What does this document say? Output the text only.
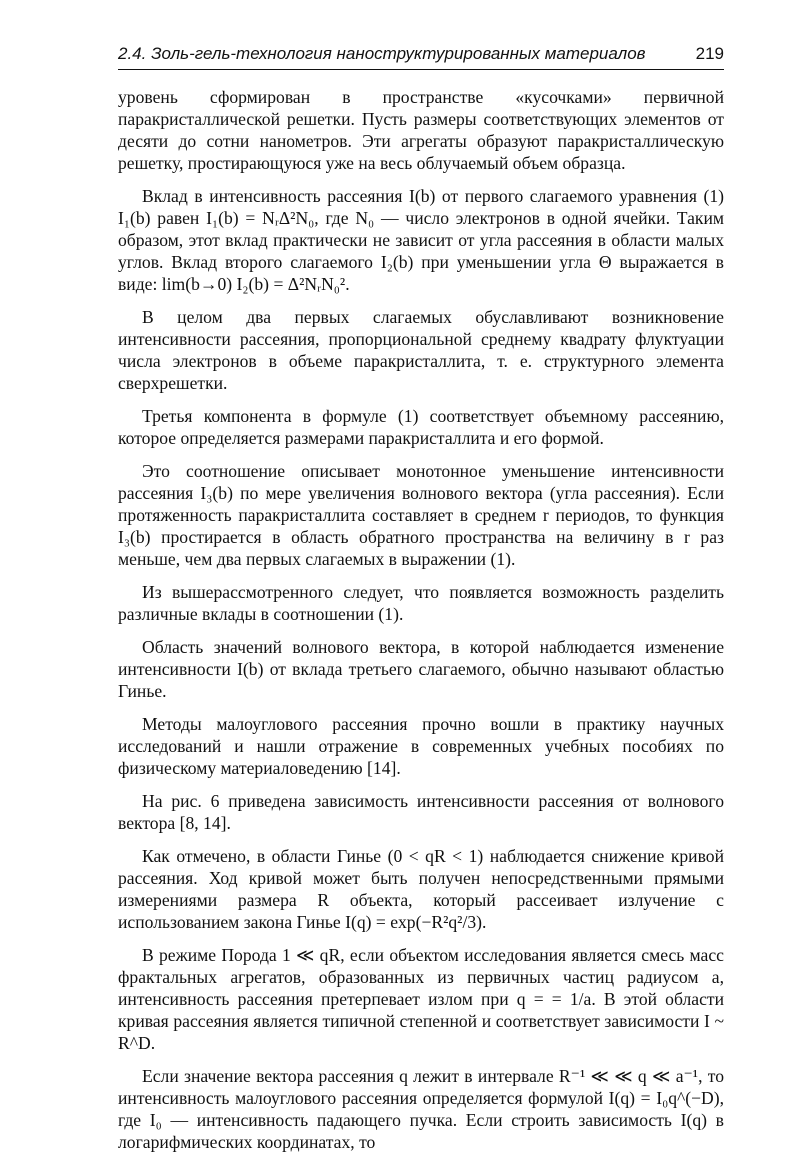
2.4. Золь-гель-технология наноструктурированных материалов	219

уровень сформирован в пространстве «кусочками» первичной паракристаллической решетки. Пусть размеры соответствующих элементов от десяти до сотни нанометров. Эти агрегаты образуют паракристаллическую решетку, простирающуюся уже на весь облучаемый объем образца.

Вклад в интенсивность рассеяния I(b) от первого слагаемого уравнения (1) I₁(b) равен I₁(b) = NᵣΔ²N₀, где N₀ — число электронов в одной ячейки. Таким образом, этот вклад практически не зависит от угла рассеяния в области малых углов. Вклад второго слагаемого I₂(b) при уменьшении угла Θ выражается в виде: lim(b→0) I₂(b) = Δ²NᵣN₀².

В целом два первых слагаемых обуславливают возникновение интенсивности рассеяния, пропорциональной среднему квадрату флуктуации числа электронов в объеме паракристаллита, т. е. структурного элемента сверхрешетки.

Третья компонента в формуле (1) соответствует объемному рассеянию, которое определяется размерами паракристаллита и его формой.

Это соотношение описывает монотонное уменьшение интенсивности рассеяния I₃(b) по мере увеличения волнового вектора (угла рассеяния). Если протяженность паракристаллита составляет в среднем r периодов, то функция I₃(b) простирается в область обратного пространства на величину в r раз меньше, чем два первых слагаемых в выражении (1).

Из вышерассмотренного следует, что появляется возможность разделить различные вклады в соотношении (1).

Область значений волнового вектора, в которой наблюдается изменение интенсивности I(b) от вклада третьего слагаемого, обычно называют областью Гинье.

Методы малоуглового рассеяния прочно вошли в практику научных исследований и нашли отражение в современных учебных пособиях по физическому материаловедению [14].

На рис. 6 приведена зависимость интенсивности рассеяния от волнового вектора [8, 14].

Как отмечено, в области Гинье (0 < qR < 1) наблюдается снижение кривой рассеяния. Ход кривой может быть получен непосредственными прямыми измерениями размера R объекта, который рассеивает излучение с использованием закона Гинье I(q) = exp(−R²q²/3).

В режиме Порода 1 ≪ qR, если объектом исследования является смесь масс фрактальных агрегатов, образованных из первичных частиц радиусом a, интенсивность рассеяния претерпевает излом при q = = 1/a. В этой области кривая рассеяния является типичной степенной и соответствует зависимости I ~ R^D.

Если значение вектора рассеяния q лежит в интервале R⁻¹ ≪ ≪ q ≪ a⁻¹, то интенсивность малоуглового рассеяния определяется формулой I(q) = I₀q^(−D), где I₀ — интенсивность падающего пучка. Если строить зависимость I(q) в логарифмических координатах, то
